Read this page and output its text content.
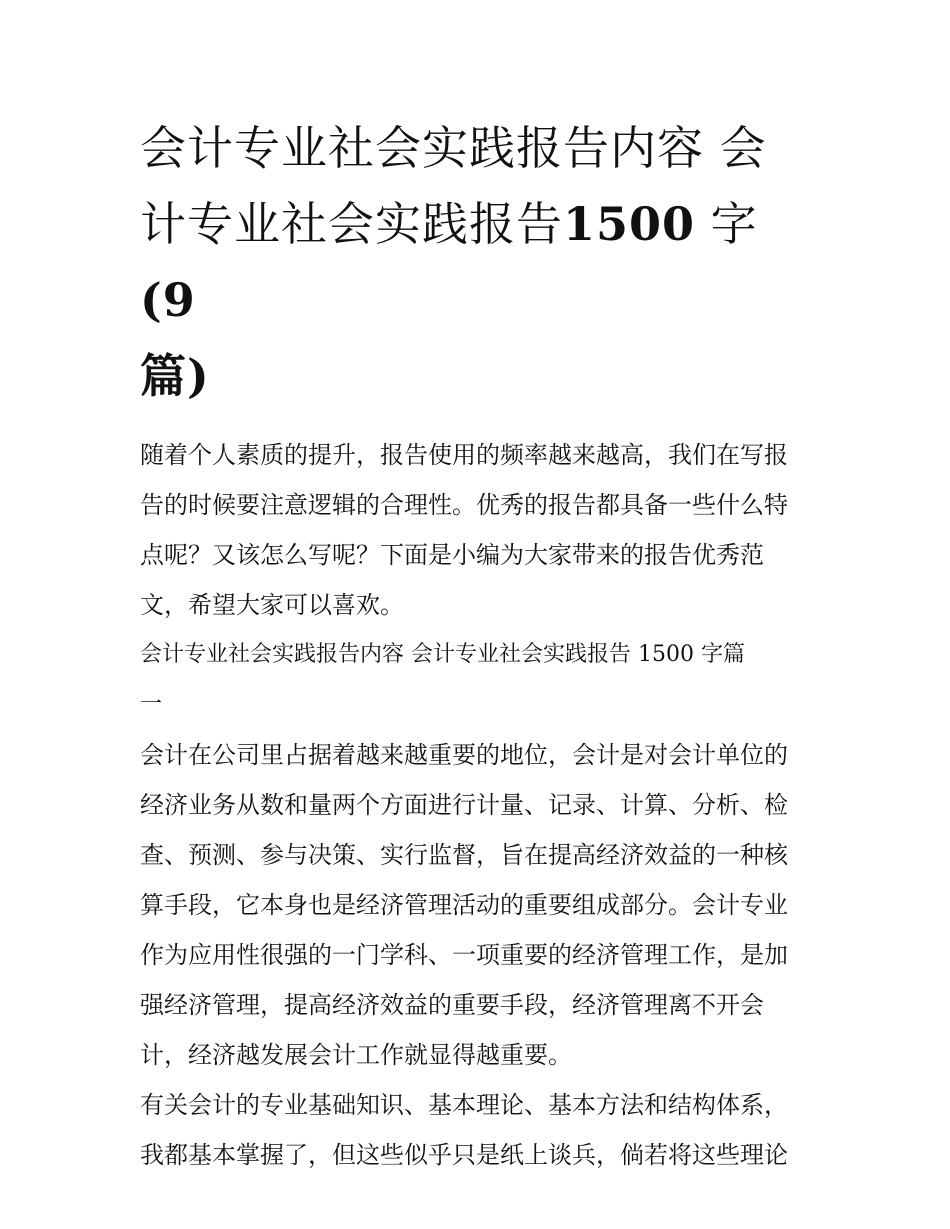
会计专业社会实践报告内容 会计专业社会实践报告1500 字(9
篇)

随着个人素质的提升，报告使用的频率越来越高，我们在写报
告的时候要注意逻辑的合理性。优秀的报告都具备一些什么特
点呢？又该怎么写呢？下面是小编为大家带来的报告优秀范
文，希望大家可以喜欢。

会计专业社会实践报告内容 会计专业社会实践报告 1500 字篇
一

会计在公司里占据着越来越重要的地位，会计是对会计单位的
经济业务从数和量两个方面进行计量、记录、计算、分析、检
查、预测、参与决策、实行监督，旨在提高经济效益的一种核
算手段，它本身也是经济管理活动的重要组成部分。会计专业
作为应用性很强的一门学科、一项重要的经济管理工作，是加
强经济管理，提高经济效益的重要手段，经济管理离不开会
计，经济越发展会计工作就显得越重要。

有关会计的专业基础知识、基本理论、基本方法和结构体系，
我都基本掌握了，但这些似乎只是纸上谈兵，倘若将这些理论
